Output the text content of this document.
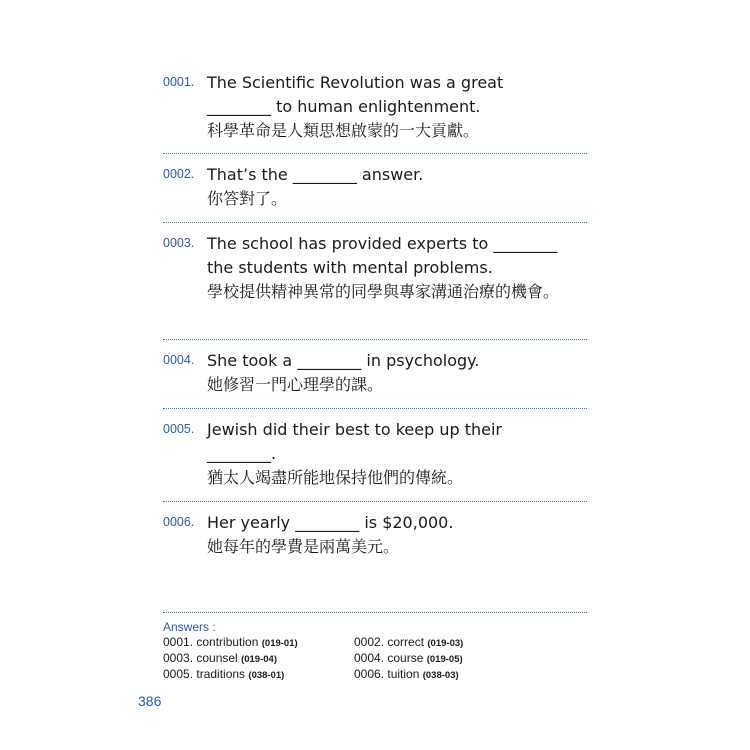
0001. The Scientific Revolution was a great
________ to human enlightenment.
科學革命是人類思想啟蒙的一大貢獻。
0002. That’s the ________ answer.
你答對了。
0003. The school has provided experts to ________
the students with mental problems.
學校提供精神異常的同學與專家溝通治療的機會。
0004. She took a ________ in psychology.
她修習一門心理學的課。
0005. Jewish did their best to keep up their
________.
猶太人竭盡所能地保持他們的傳統。
0006. Her yearly ________ is $20,000.
她每年的學費是兩萬美元。
Answers :
0001. contribution (019-01)	0002. correct (019-03)
0003. counsel (019-04)	0004. course (019-05)
0005. traditions (038-01)	0006. tuition (038-03)
386
